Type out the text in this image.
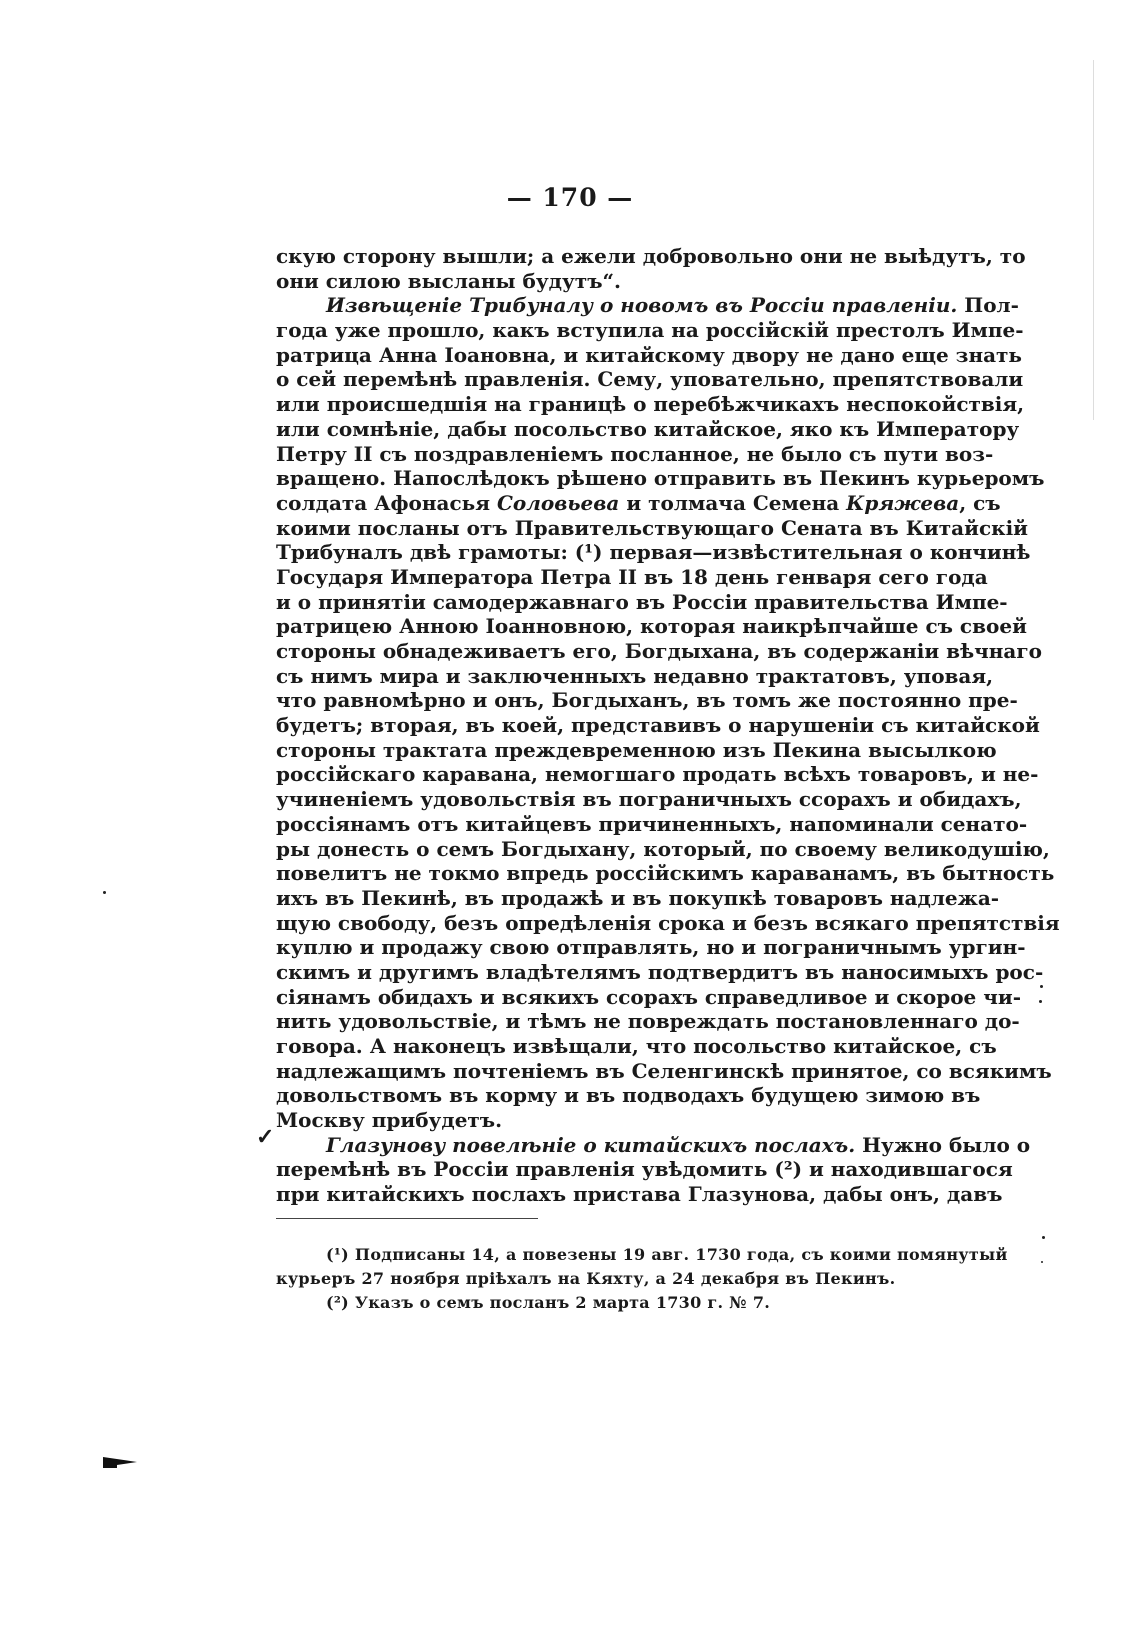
— 170 —
скую сторону вышли; а ежели добровольно они не выѣдутъ, то
они силою высланы будутъ“.
Извѣщеніе Трибуналу о новомъ въ Россіи правленіи. Пол-
года уже прошло, какъ вступила на россійскій престолъ Импе-
ратрица Анна Іоановна, и китайскому двору не дано еще знать
о сей перемѣнѣ правленія. Сему, уповательно, препятствовали
или происшедшія на границѣ о перебѣжчикахъ неспокойствія,
или сомнѣніе, дабы посольство китайское, яко къ Императору
Петру II съ поздравленіемъ посланное, не было съ пути воз-
вращено. Напослѣдокъ рѣшено отправить въ Пекинъ курьеромъ
солдата Афонасья Соловьева и толмача Семена Кряжева, съ
коими посланы отъ Правительствующаго Сената въ Китайскій
Трибуналъ двѣ грамоты: (¹) первая—извѣстительная о кончинѣ
Государя Императора Петра II въ 18 день генваря сего года
и о принятіи самодержавнаго въ Россіи правительства Импе-
ратрицею Анною Іоанновною, которая наикрѣпчайше съ своей
стороны обнадеживаетъ его, Богдыхана, въ содержаніи вѣчнаго
съ нимъ мира и заключенныхъ недавно трактатовъ, уповая,
что равномѣрно и онъ, Богдыханъ, въ томъ же постоянно пре-
будетъ; вторая, въ коей, представивъ о нарушеніи съ китайской
стороны трактата преждевременною изъ Пекина высылкою
россійскаго каравана, немогшаго продать всѣхъ товаровъ, и не-
учиненіемъ удовольствія въ пограничныхъ ссорахъ и обидахъ,
россіянамъ отъ китайцевъ причиненныхъ, напоминали сенато-
ры донесть о семъ Богдыхану, который, по своему великодушію,
повелитъ не токмо впредь россійскимъ караванамъ, въ бытность
ихъ въ Пекинѣ, въ продажѣ и въ покупкѣ товаровъ надлежа-
щую свободу, безъ опредѣленія срока и безъ всякаго препятствія
куплю и продажу свою отправлять, но и пограничнымъ ургин-
скимъ и другимъ владѣтелямъ подтвердитъ въ наносимыхъ рос-
сіянамъ обидахъ и всякихъ ссорахъ справедливое и скорое чи-
нить удовольствіе, и тѣмъ не повреждать постановленнаго до-
говора. А наконецъ извѣщали, что посольство китайское, съ
надлежащимъ почтеніемъ въ Селенгинскѣ принятое, со всякимъ
довольствомъ въ корму и въ подводахъ будущею зимою въ
Москву прибудетъ.
Глазунову повелѣніе о китайскихъ послахъ. Нужно было о
перемѣнѣ въ Россіи правленія увѣдомить (²) и находившагося
при китайскихъ послахъ пристава Глазунова, дабы онъ, давъ
✓
(¹) Подписаны 14, а повезены 19 авг. 1730 года, съ коими помянутый
курьеръ 27 ноября пріѣхалъ на Кяхту, а 24 декабря въ Пекинъ.
(²) Указъ о семъ посланъ 2 марта 1730 г. № 7.
